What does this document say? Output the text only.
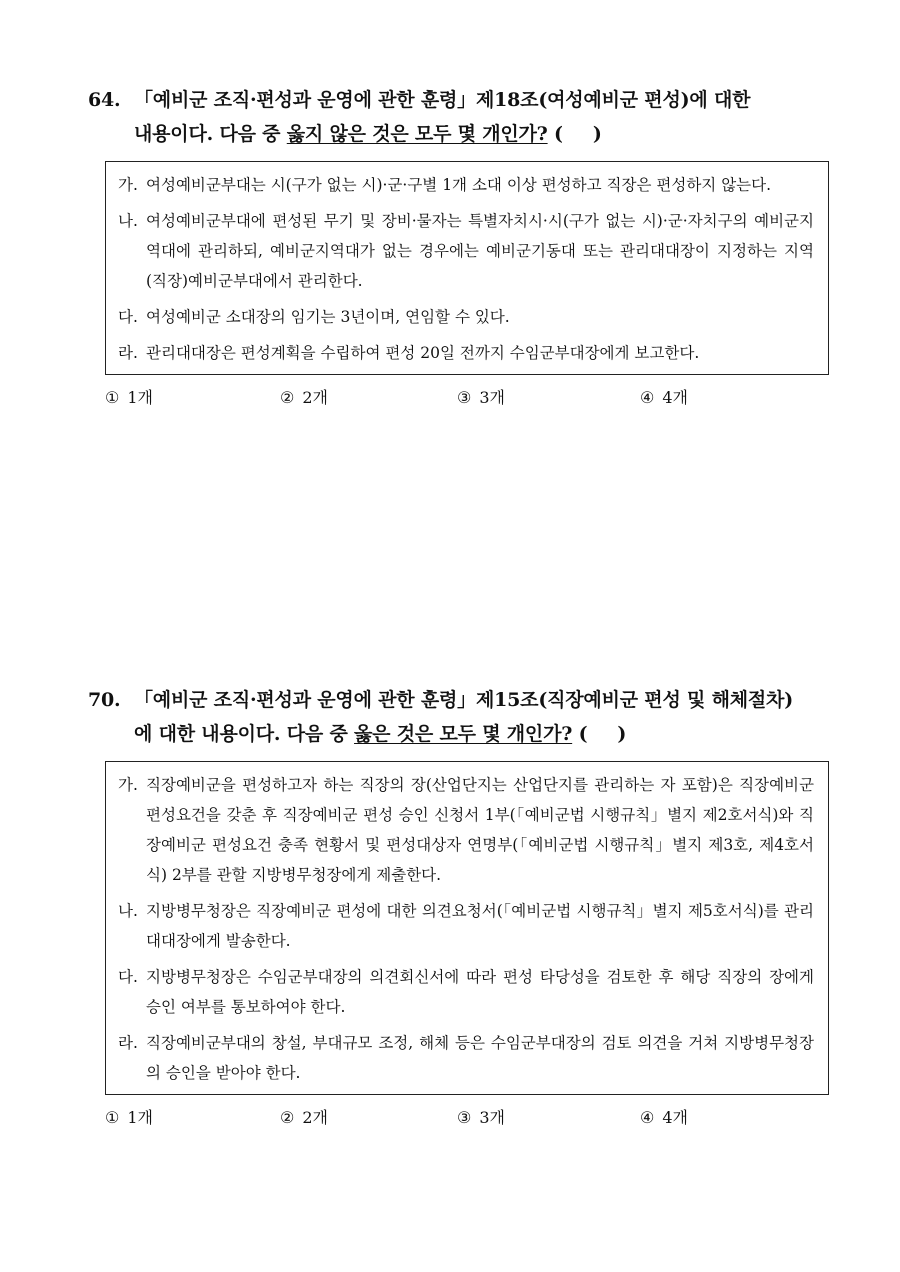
64. 「예비군 조직·편성과 운영에 관한 훈령」제18조(여성예비군 편성)에 대한
내용이다. 다음 중 옳지 않은 것은 모두 몇 개인가? ( )
가. 여성예비군부대는 시(구가 없는 시)·군·구별 1개 소대 이상 편성하고 직장은 편성하지 않는다.
나. 여성예비군부대에 편성된 무기 및 장비·물자는 특별자치시·시(구가 없는 시)·군·자치구의 예비군지역대에 관리하되, 예비군지역대가 없는 경우에는 예비군기동대 또는 관리대대장이 지정하는 지역(직장)예비군부대에서 관리한다.
다. 여성예비군 소대장의 임기는 3년이며, 연임할 수 있다.
라. 관리대대장은 편성계획을 수립하여 편성 20일 전까지 수임군부대장에게 보고한다.
① 1개	② 2개	③ 3개	④ 4개
70. 「예비군 조직·편성과 운영에 관한 훈령」제15조(직장예비군 편성 및 해체절차)
에 대한 내용이다. 다음 중 옳은 것은 모두 몇 개인가? ( )
가. 직장예비군을 편성하고자 하는 직장의 장(산업단지는 산업단지를 관리하는 자 포함)은 직장예비군 편성요건을 갖춘 후 직장예비군 편성 승인 신청서 1부(「예비군법 시행규칙」별지 제2호서식)와 직장예비군 편성요건 충족 현황서 및 편성대상자 연명부(「예비군법 시행규칙」별지 제3호, 제4호서식) 2부를 관할 지방병무청장에게 제출한다.
나. 지방병무청장은 직장예비군 편성에 대한 의견요청서(「예비군법 시행규칙」별지 제5호서식)를 관리대대장에게 발송한다.
다. 지방병무청장은 수임군부대장의 의견회신서에 따라 편성 타당성을 검토한 후 해당 직장의 장에게 승인 여부를 통보하여야 한다.
라. 직장예비군부대의 창설, 부대규모 조정, 해체 등은 수임군부대장의 검토 의견을 거쳐 지방병무청장의 승인을 받아야 한다.
① 1개	② 2개	③ 3개	④ 4개
